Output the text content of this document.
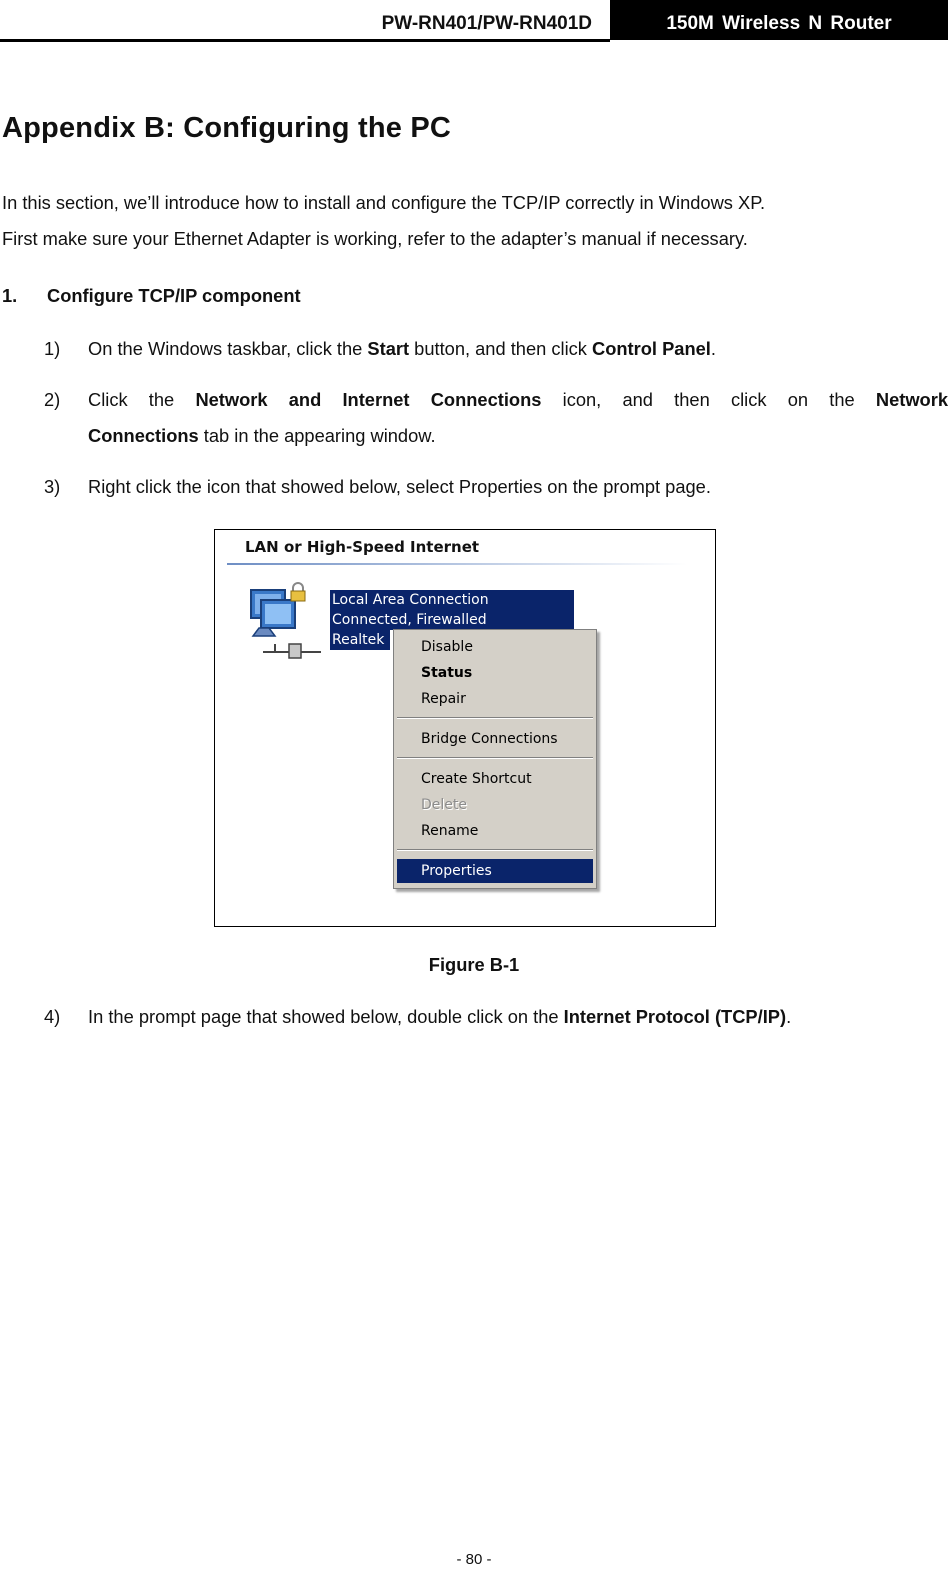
PW-RN401/PW-RN401D	150M Wireless N Router
Appendix B: Configuring the PC

In this section, we’ll introduce how to install and configure the TCP/IP correctly in Windows XP.

First make sure your Ethernet Adapter is working, refer to the adapter’s manual if necessary.

1. Configure TCP/IP component
1) On the Windows taskbar, click the Start button, and then click Control Panel.
2) Click the Network and Internet Connections icon, and then click on the Network
Connections tab in the appearing window.
3) Right click the icon that showed below, select Properties on the prompt page.
LAN or High-Speed Internet
Local Area Connection
Connected, Firewalled
Realtek	Disable
Status
Repair
Bridge Connections
Create Shortcut
Delete
Rename
Properties
Figure B-1
4) In the prompt page that showed below, double click on the Internet Protocol (TCP/IP).
- 80 -
